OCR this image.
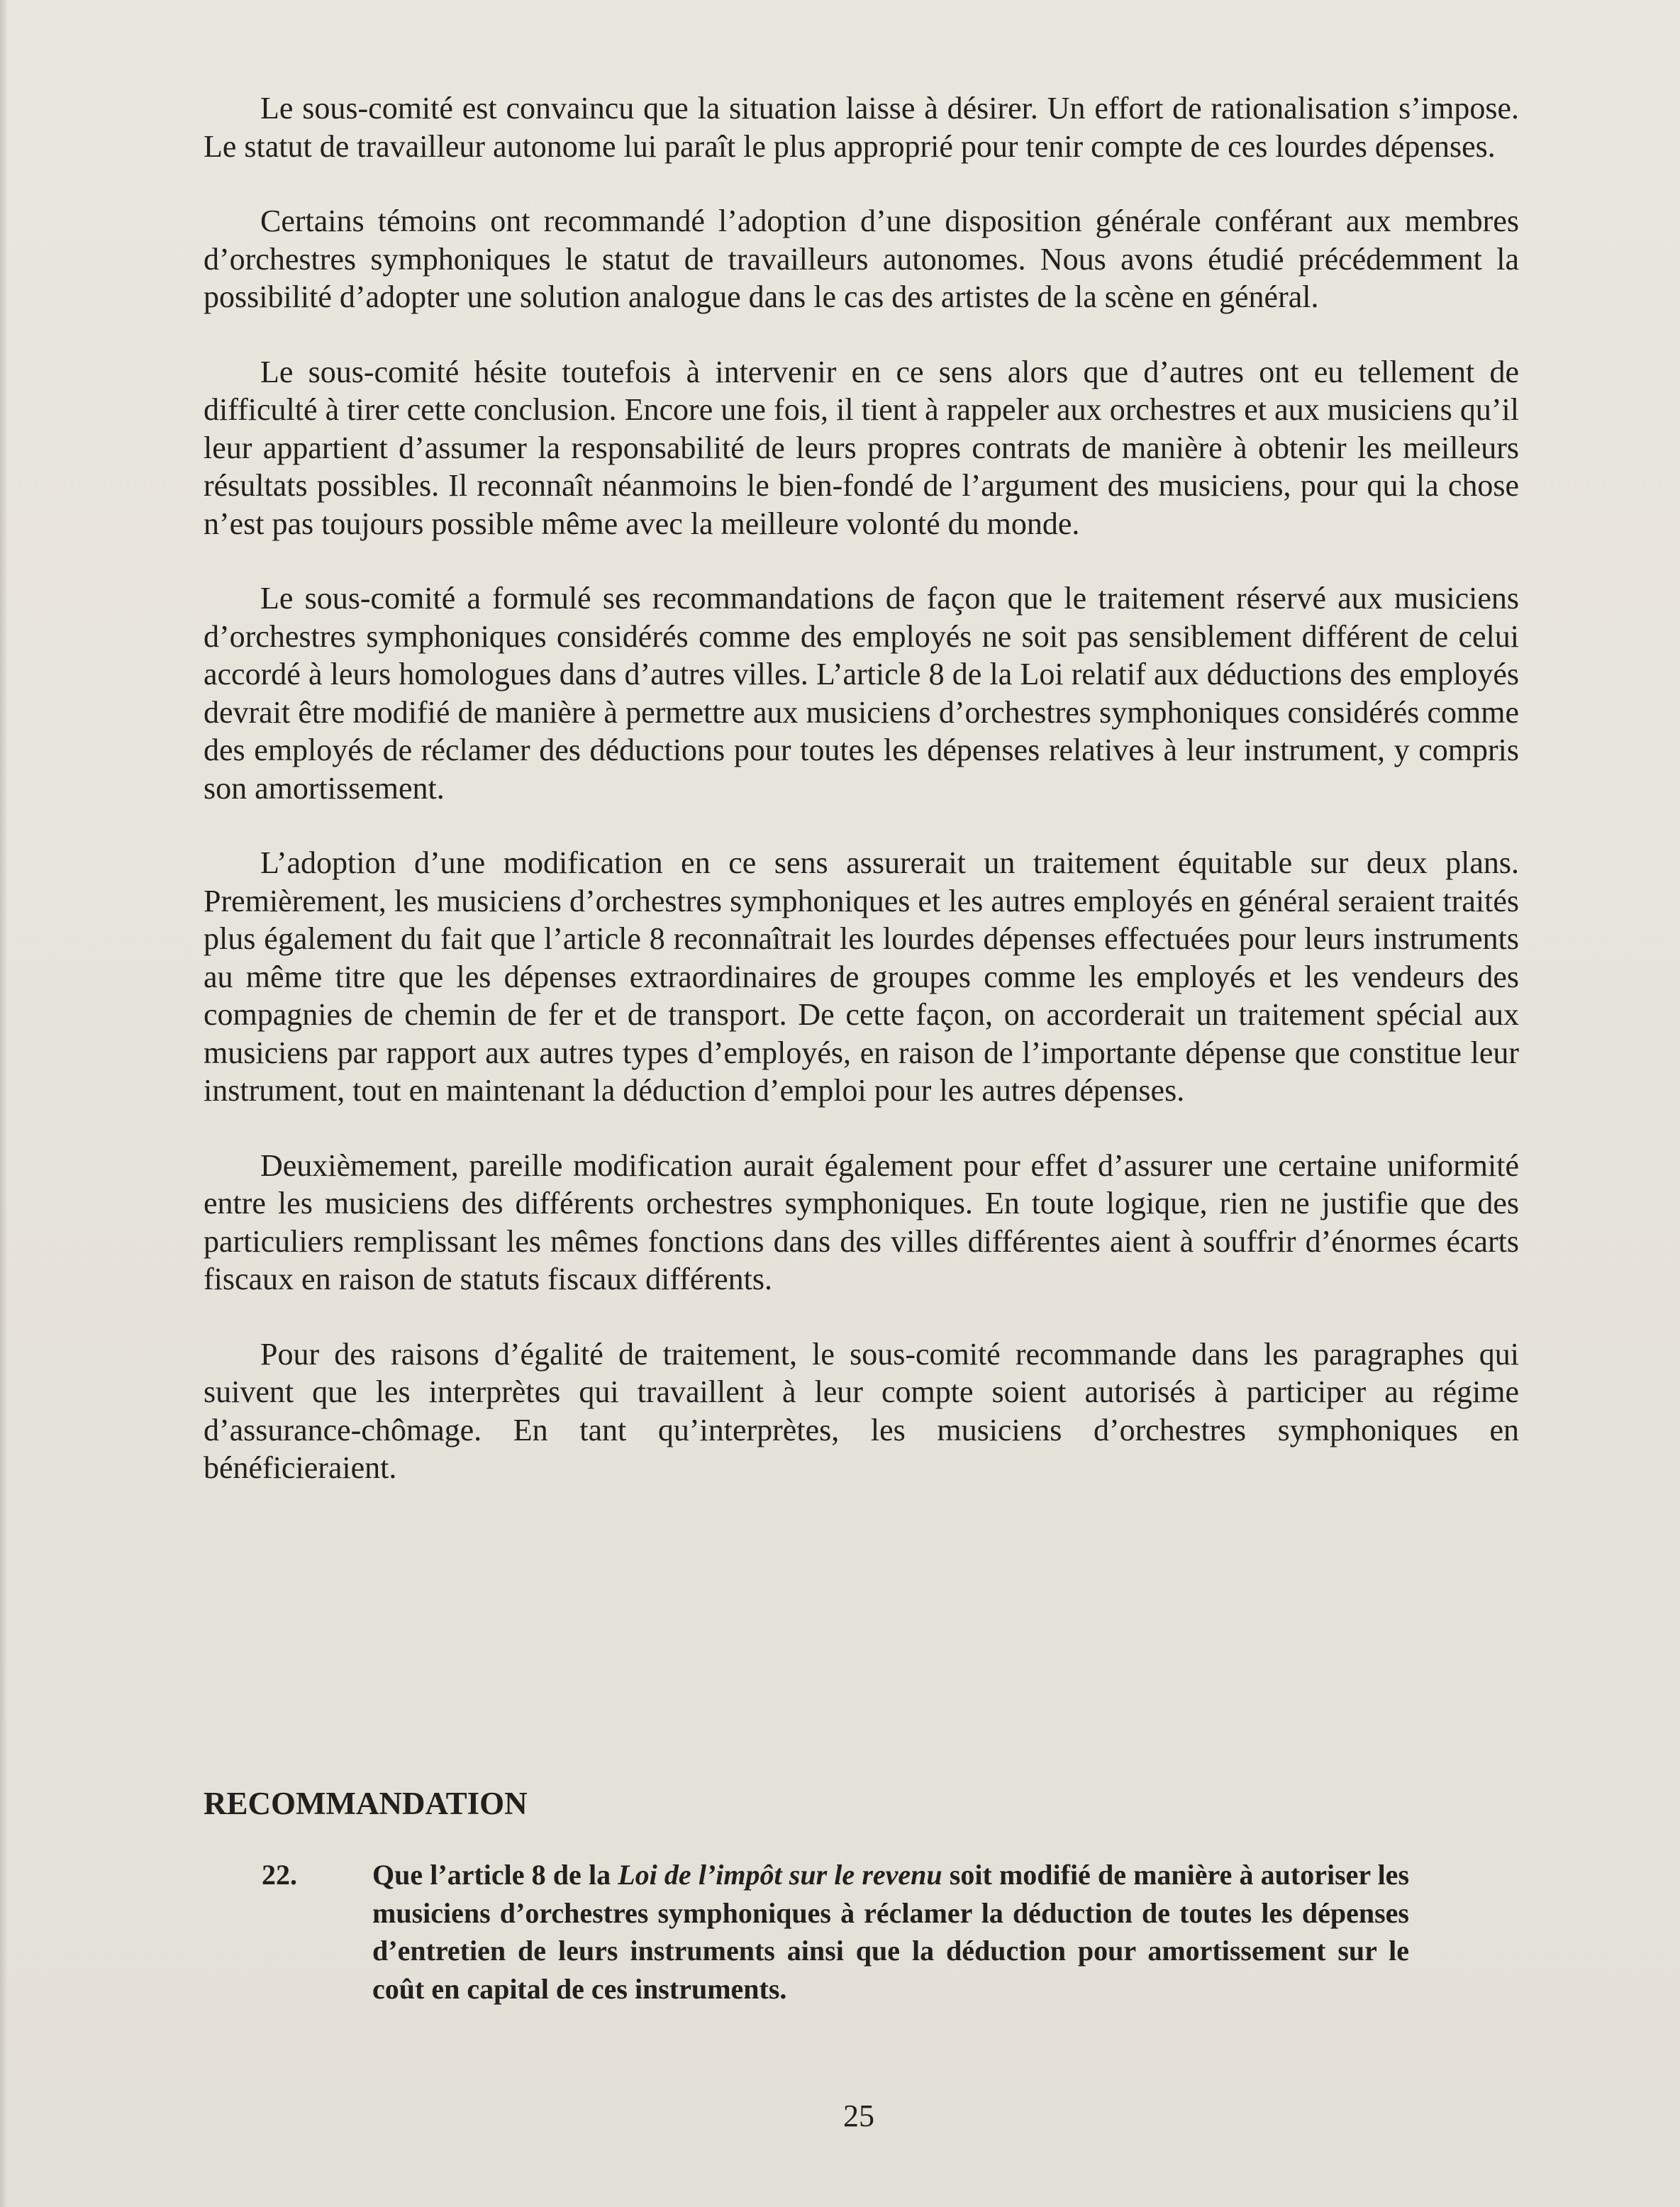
Le sous-comité est convaincu que la situation laisse à désirer. Un effort de rationalisation s’impose. Le statut de travailleur autonome lui paraît le plus approprié pour tenir compte de ces lourdes dépenses.

Certains témoins ont recommandé l’adoption d’une disposition générale conférant aux membres d’orchestres symphoniques le statut de travailleurs autonomes. Nous avons étudié précédemment la possibilité d’adopter une solution analogue dans le cas des artistes de la scène en général.

Le sous-comité hésite toutefois à intervenir en ce sens alors que d’autres ont eu tellement de difficulté à tirer cette conclusion. Encore une fois, il tient à rappeler aux orchestres et aux musiciens qu’il leur appartient d’assumer la responsabilité de leurs propres contrats de manière à obtenir les meilleurs résultats possibles. Il reconnaît néanmoins le bien-fondé de l’argument des musiciens, pour qui la chose n’est pas toujours possible même avec la meilleure volonté du monde.

Le sous-comité a formulé ses recommandations de façon que le traitement réservé aux musiciens d’orchestres symphoniques considérés comme des employés ne soit pas sensiblement différent de celui accordé à leurs homologues dans d’autres villes. L’article 8 de la Loi relatif aux déductions des employés devrait être modifié de manière à permettre aux musiciens d’orchestres symphoniques considérés comme des employés de réclamer des déductions pour toutes les dépenses relatives à leur instrument, y compris son amortissement.

L’adoption d’une modification en ce sens assurerait un traitement équitable sur deux plans. Premièrement, les musiciens d’orchestres symphoniques et les autres employés en général seraient traités plus également du fait que l’article 8 reconnaîtrait les lourdes dépenses effectuées pour leurs instruments au même titre que les dépenses extraordinaires de groupes comme les employés et les vendeurs des compagnies de chemin de fer et de transport. De cette façon, on accorderait un traitement spécial aux musiciens par rapport aux autres types d’employés, en raison de l’importante dépense que constitue leur instrument, tout en maintenant la déduction d’emploi pour les autres dépenses.

Deuxièmement, pareille modification aurait également pour effet d’assurer une certaine uniformité entre les musiciens des différents orchestres symphoniques. En toute logique, rien ne justifie que des particuliers remplissant les mêmes fonctions dans des villes différentes aient à souffrir d’énormes écarts fiscaux en raison de statuts fiscaux différents.

Pour des raisons d’égalité de traitement, le sous-comité recommande dans les paragraphes qui suivent que les interprètes qui travaillent à leur compte soient autorisés à participer au régime d’assurance-chômage. En tant qu’interprètes, les musiciens d’orchestres symphoniques en bénéficieraient.

RECOMMANDATION
22.	Que l’article 8 de la Loi de l’impôt sur le revenu soit modifié de manière à autoriser les musiciens d’orchestres symphoniques à réclamer la déduction de toutes les dépenses d’entretien de leurs instruments ainsi que la déduction pour amortissement sur le coût en capital de ces instruments.
25
